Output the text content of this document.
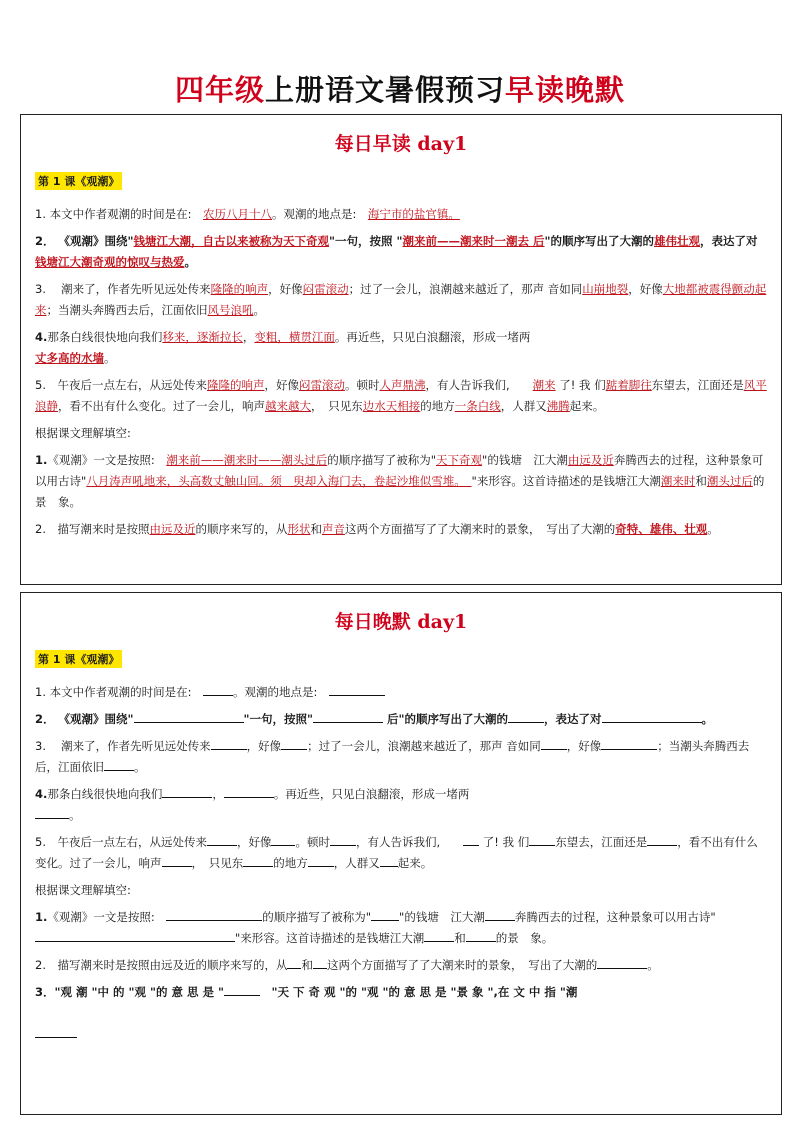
四年级上册语文暑假预习早读晚默
每日早读 day1
第 1 课《观潮》
1. 本文中作者观潮的时间是在:　农历八月十八。观潮的地点是:　海宁市的盐官镇。
2． 《观潮》围绕"钱塘江大潮，自古以来被称为天下奇观"一句，按照 "潮来前——潮来时一潮去 后"的顺序写出了大潮的雄伟壮观，表达了对 钱塘江大潮奇观的惊叹与热爱。
3.　 潮来了，作者先听见远处传来隆隆的响声，好像闷雷滚动；过了一会儿，浪潮越来越近了，那声 音如同山崩地裂，好像大地都被震得颤动起来；当潮头奔腾西去后，江面依旧风号浪吼。
4.那条白线很快地向我们移来，逐渐拉长，变粗，横贯江面。再近些，只见白浪翻滚，形成一堵两
丈多高的水墙。
5.　午夜后一点左右，从远处传来隆隆的响声，好像闷雷滚动。顿时人声鼎沸，有人告诉我们,　　潮来 了! 我 们踮着脚往东望去，江面还是风平浪静，看不出有什么变化。过了一会儿，响声越来越大，　只见东边水天相接的地方一条白线，人群又沸腾起来。
根据课文理解填空:
1.《观潮》一文是按照:　潮来前——潮来时——潮头过后的顺序描写了被称为"天下奇观"的钱塘　江大潮由远及近奔腾西去的过程，这种景象可以用古诗"八月涛声吼地来，头高数丈触山回。须　臾却入海门去，卷起沙堆似雪堆。　"来形容。这首诗描述的是钱塘江大潮潮来时和潮头过后的景　象。
2.　描写潮来时是按照由远及近的顺序来写的，从形状和声音这两个方面描写了了大潮来时的景象，　写出了大潮的奇特、雄伟、壮观。
每日晚默 day1
第 1 课《观潮》
1. 本文中作者观潮的时间是在:　	。观潮的地点是:　
2． 《观潮》围绕"	"一句，按照"	后"的顺序写出了大潮的	，表达了对	。
3.　 潮来了，作者先听见远处传来	，好像 ；过了一会儿，浪潮越来越近了，那声 音如同 ，好像	；当潮头奔腾西去后，江面依旧	。
4.那条白线很快地向我们	，	。再近些，只见白浪翻滚，形成一堵两
。
5.　午夜后一点左右，从远处传来	，好像 。顿时 ，有人告诉我们,　　 了! 我 们 东望去，江面还是	，看不出有什么变化。过了一会儿，响声	，　只见东	的地方 ，人群又 起来。
根据课文理解填空:
1.《观潮》一文是按照:　	的顺序描写了被称为" "的钱塘　江大潮	奔腾西去的过程，这种景象可以用古诗""来形容。这首诗描述的是钱塘江大潮	和	的景　象。
2.　描写潮来时是按照由远及近的顺序来写的，从 和 这两个方面描写了了大潮来时的景象，　写出了大潮的	。
3．"观 潮 "中 的 "观 "的 意 思 是 "	　"天 下 奇 观 "的 "观 "的 意 思 是 "景 象 ",在 文 中 指 "潮
